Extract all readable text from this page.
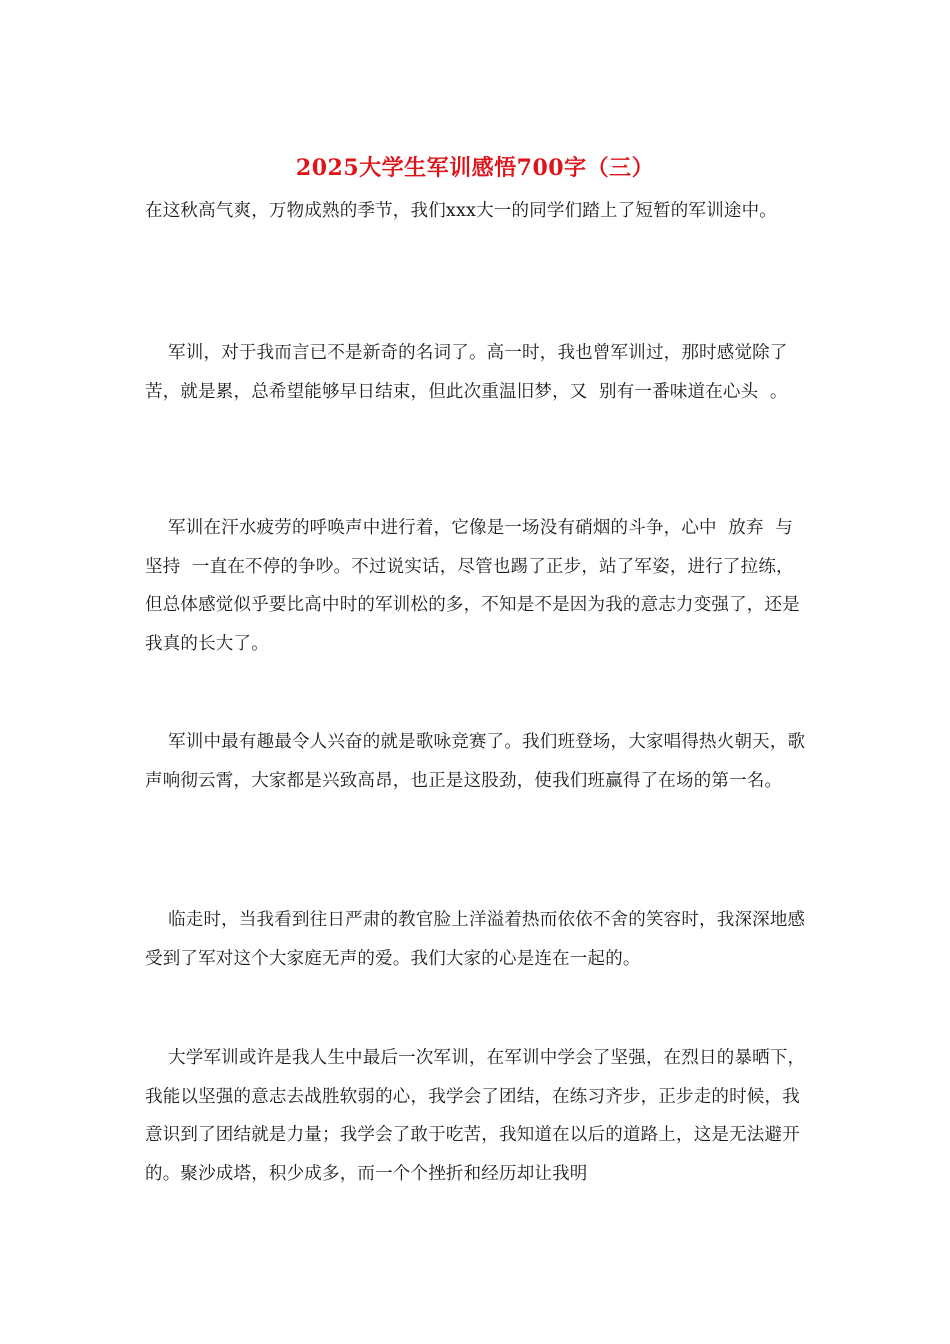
2025大学生军训感悟700字（三）

在这秋高气爽，万物成熟的季节，我们xxx大一的同学们踏上了短暂的军训途中。

军训，对于我而言已不是新奇的名词了。高一时，我也曾军训过，那时感觉除了苦，就是累，总希望能够早日结束，但此次重温旧梦，又  别有一番味道在心头  。

军训在汗水疲劳的呼唤声中进行着，它像是一场没有硝烟的斗争，心中  放弃  与  坚持  一直在不停的争吵。不过说实话，尽管也踢了正步，站了军姿，进行了拉练，但总体感觉似乎要比高中时的军训松的多，不知是不是因为我的意志力变强了，还是我真的长大了。

军训中最有趣最令人兴奋的就是歌咏竞赛了。我们班登场，大家唱得热火朝天，歌声响彻云霄，大家都是兴致高昂，也正是这股劲，使我们班赢得了在场的第一名。

临走时，当我看到往日严肃的教官脸上洋溢着热而依依不舍的笑容时，我深深地感受到了军对这个大家庭无声的爱。我们大家的心是连在一起的。

大学军训或许是我人生中最后一次军训，在军训中学会了坚强，在烈日的暴晒下，我能以坚强的意志去战胜软弱的心，我学会了团结，在练习齐步，正步走的时候，我意识到了团结就是力量；我学会了敢于吃苦，我知道在以后的道路上，这是无法避开的。聚沙成塔，积少成多，而一个个挫折和经历却让我明
